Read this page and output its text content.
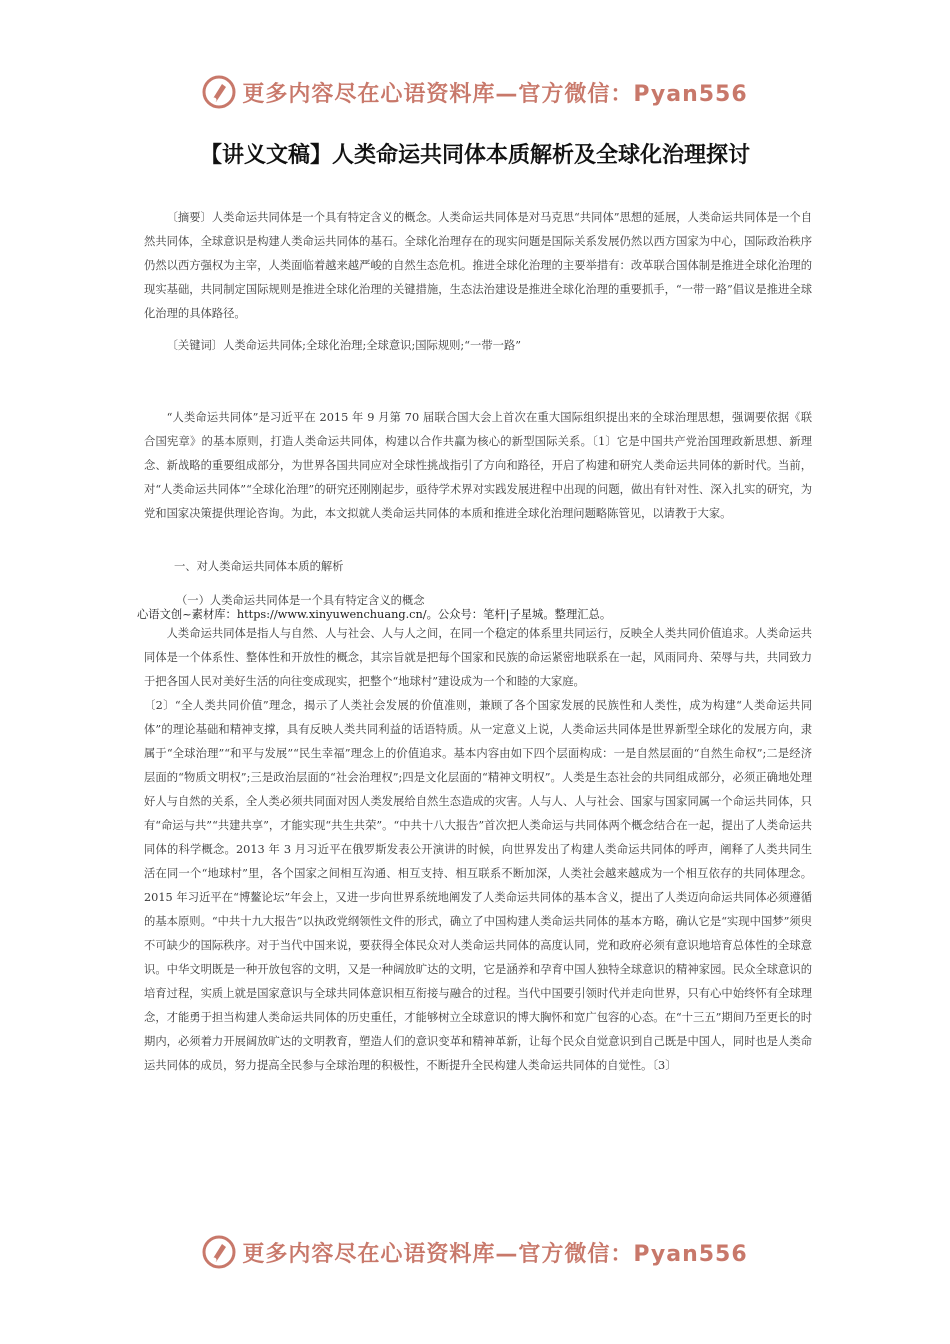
更多内容尽在心语资料库—官方微信：Pyan556
【讲义文稿】人类命运共同体本质解析及全球化治理探讨

〔摘要〕人类命运共同体是一个具有特定含义的概念。人类命运共同体是对马克思“共同体”思想的延展，人类命运共同体是一个自然共同体，全球意识是构建人类命运共同体的基石。全球化治理存在的现实问题是国际关系发展仍然以西方国家为中心，国际政治秩序仍然以西方强权为主宰，人类面临着越来越严峻的自然生态危机。推进全球化治理的主要举措有：改革联合国体制是推进全球化治理的现实基础，共同制定国际规则是推进全球化治理的关键措施，生态法治建设是推进全球化治理的重要抓手，“一带一路”倡议是推进全球化治理的具体路径。

〔关键词〕人类命运共同体;全球化治理;全球意识;国际规则;“一带一路”

“人类命运共同体”是习近平在 2015 年 9 月第 70 届联合国大会上首次在重大国际组织提出来的全球治理思想，强调要依据《联合国宪章》的基本原则，打造人类命运共同体，构建以合作共赢为核心的新型国际关系。〔1〕它是中国共产党治国理政新思想、新理念、新战略的重要组成部分，为世界各国共同应对全球性挑战指引了方向和路径，开启了构建和研究人类命运共同体的新时代。当前，对“人类命运共同体”“全球化治理”的研究还刚刚起步，亟待学术界对实践发展进程中出现的问题，做出有针对性、深入扎实的研究，为党和国家决策提供理论咨询。为此，本文拟就人类命运共同体的本质和推进全球化治理问题略陈管见，以请教于大家。

一、对人类命运共同体本质的解析
（一）人类命运共同体是一个具有特定含义的概念
心语文创~素材库：https://www.xinyuwenchuang.cn/。公众号：笔杆|子星城。整理汇总。

人类命运共同体是指人与自然、人与社会、人与人之间，在同一个稳定的体系里共同运行，反映全人类共同价值追求。人类命运共同体是一个体系性、整体性和开放性的概念，其宗旨就是把每个国家和民族的命运紧密地联系在一起，风雨同舟、荣辱与共，共同致力于把各国人民对美好生活的向往变成现实，把整个“地球村”建设成为一个和睦的大家庭。

〔2〕“全人类共同价值”理念，揭示了人类社会发展的价值准则，兼顾了各个国家发展的民族性和人类性，成为构建“人类命运共同体”的理论基础和精神支撑，具有反映人类共同利益的话语特质。从一定意义上说，人类命运共同体是世界新型全球化的发展方向，隶属于“全球治理”“和平与发展”“民生幸福”理念上的价值追求。基本内容由如下四个层面构成：一是自然层面的“自然生命权”;二是经济层面的“物质文明权”;三是政治层面的“社会治理权”;四是文化层面的“精神文明权”。人类是生态社会的共同组成部分，必须正确地处理好人与自然的关系，全人类必须共同面对因人类发展给自然生态造成的灾害。人与人、人与社会、国家与国家同属一个命运共同体，只有“命运与共”“共建共享”，才能实现“共生共荣”。“中共十八大报告”首次把人类命运与共同体两个概念结合在一起，提出了人类命运共同体的科学概念。2013 年 3 月习近平在俄罗斯发表公开演讲的时候，向世界发出了构建人类命运共同体的呼声，阐释了人类共同生活在同一个“地球村”里，各个国家之间相互沟通、相互支持、相互联系不断加深，人类社会越来越成为一个相互依存的共同体理念。2015 年习近平在“博鳌论坛”年会上，又进一步向世界系统地阐发了人类命运共同体的基本含义，提出了人类迈向命运共同体必须遵循的基本原则。“中共十九大报告”以执政党纲领性文件的形式，确立了中国构建人类命运共同体的基本方略，确认它是“实现中国梦”须臾不可缺少的国际秩序。对于当代中国来说，要获得全体民众对人类命运共同体的高度认同，党和政府必须有意识地培育总体性的全球意识。中华文明既是一种开放包容的文明，又是一种阔放旷达的文明，它是涵养和孕育中国人独特全球意识的精神家园。民众全球意识的培育过程，实质上就是国家意识与全球共同体意识相互衔接与融合的过程。当代中国要引领时代并走向世界，只有心中始终怀有全球理念，才能勇于担当构建人类命运共同体的历史重任，才能够树立全球意识的博大胸怀和宽广包容的心态。在“十三五”期间乃至更长的时期内，必须着力开展阔放旷达的文明教育，塑造人们的意识变革和精神革新，让每个民众自觉意识到自己既是中国人，同时也是人类命运共同体的成员，努力提高全民参与全球治理的积极性，不断提升全民构建人类命运共同体的自觉性。〔3〕

更多内容尽在心语资料库—官方微信：Pyan556
